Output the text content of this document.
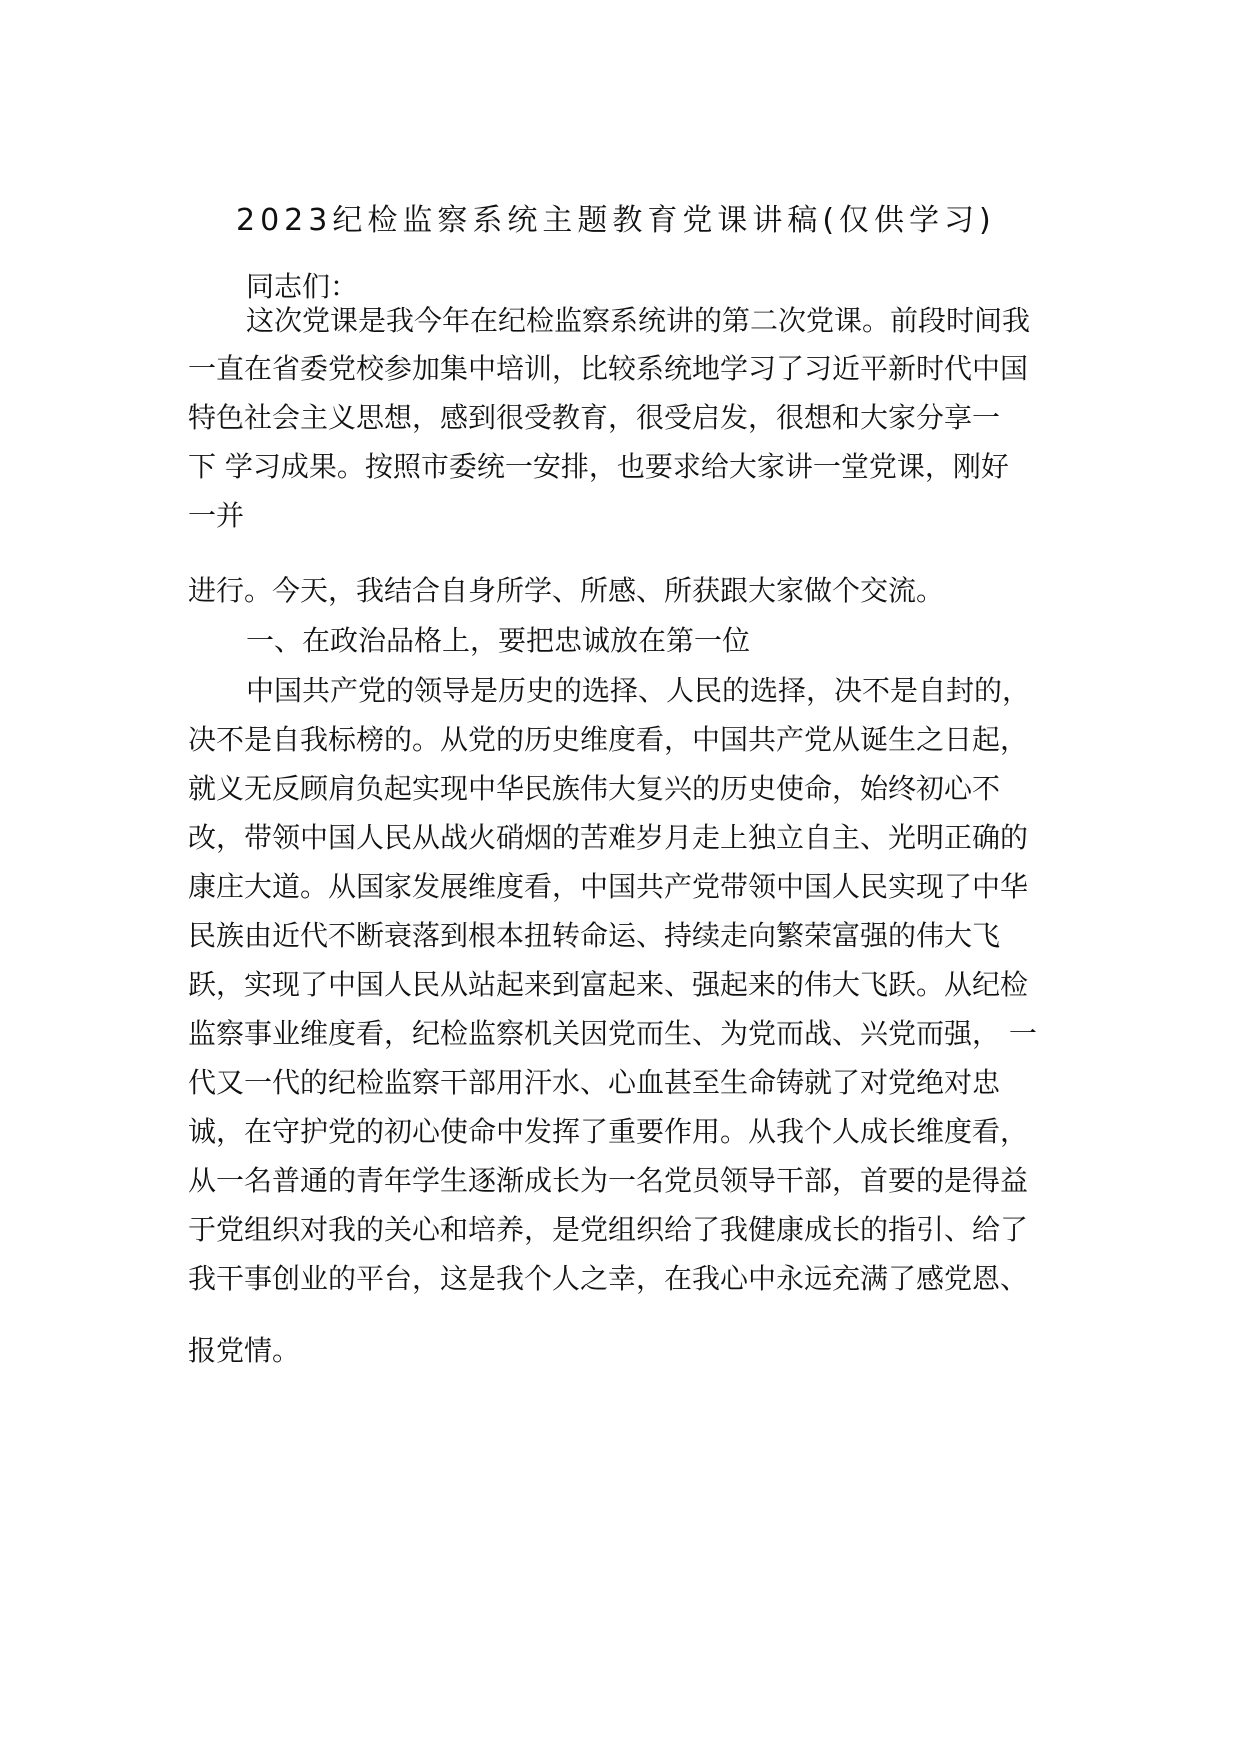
2023纪检监察系统主题教育党课讲稿(仅供学习)
同志们：
这次党课是我今年在纪检监察系统讲的第二次党课。前段时间我
一直在省委党校参加集中培训，比较系统地学习了习近平新时代中国
特色社会主义思想，感到很受教育，很受启发，很想和大家分享一
下 学习成果。按照市委统一安排，也要求给大家讲一堂党课，刚好
一并
进行。今天，我结合自身所学、所感、所获跟大家做个交流。
一、在政治品格上，要把忠诚放在第一位
中国共产党的领导是历史的选择、人民的选择，决不是自封的，
决不是自我标榜的。从党的历史维度看，中国共产党从诞生之日起，
就义无反顾肩负起实现中华民族伟大复兴的历史使命，始终初心不
改，带领中国人民从战火硝烟的苦难岁月走上独立自主、光明正确的
康庄大道。从国家发展维度看，中国共产党带领中国人民实现了中华
民族由近代不断衰落到根本扭转命运、持续走向繁荣富强的伟大飞
跃，实现了中国人民从站起来到富起来、强起来的伟大飞跃。从纪检
监察事业维度看，纪检监察机关因党而生、为党而战、兴党而强， 一
代又一代的纪检监察干部用汗水、心血甚至生命铸就了对党绝对忠
诚，在守护党的初心使命中发挥了重要作用。从我个人成长维度看，
从一名普通的青年学生逐渐成长为一名党员领导干部，首要的是得益
于党组织对我的关心和培养，是党组织给了我健康成长的指引、给了
我干事创业的平台，这是我个人之幸，在我心中永远充满了感党恩、
报党情。
